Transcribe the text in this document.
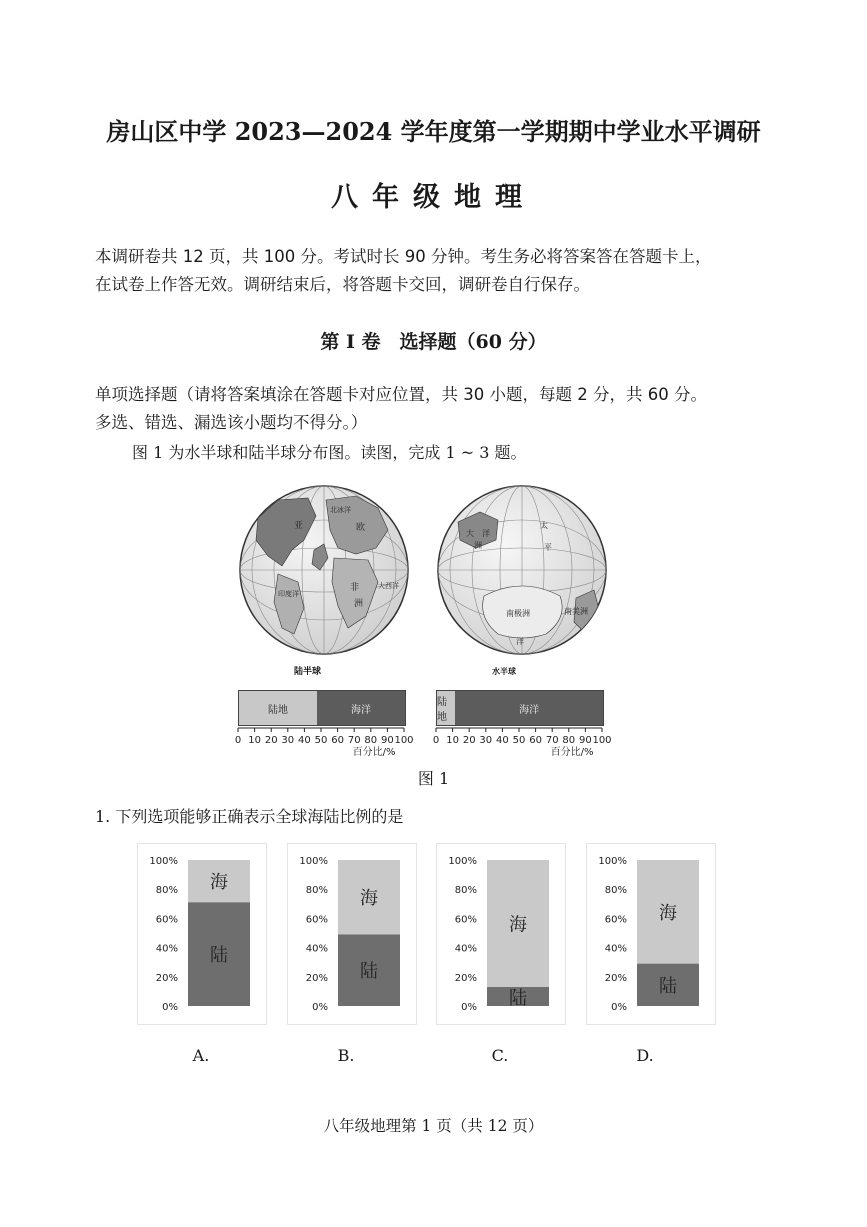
房山区中学 2023—2024 学年度第一学期期中学业水平调研
八年级地理
本调研卷共 12 页，共 100 分。考试时长 90 分钟。考生务必将答案答在答题卡上，
在试卷上作答无效。调研结束后，将答题卡交回，调研卷自行保存。
第 I 卷　选择题（60 分）
单项选择题（请将答案填涂在答题卡对应位置，共 30 小题，每题 2 分，共 60 分。
多选、错选、漏选该小题均不得分。）
图 1 为水半球和陆半球分布图。读图，完成 1 ~ 3 题。
北冰洋
亚	欧
非
洲
大西洋
印度洋
陆半球
大 洋
洲
南极洲	南美洲
太
平
洋
水半球
陆地	海洋
陆地
海洋
0 10 20 30 40 50 60 70 80 90 100
百分比/%
0 10 20 30 40 50 60 70 80 90 100
百分比/%
图 1
1. 下列选项能够正确表示全球海陆比例的是
100%
80%
60%
40%
20%
0%
海
陆
100%
80%
60%
40%
20%
0%
海
陆
100%
80%
60%
40%
20%
0%
海
陆
100%
80%
60%
40%
20%
0%
海
陆
A.	B.	C.	D.
八年级地理第 1 页（共 12 页）
